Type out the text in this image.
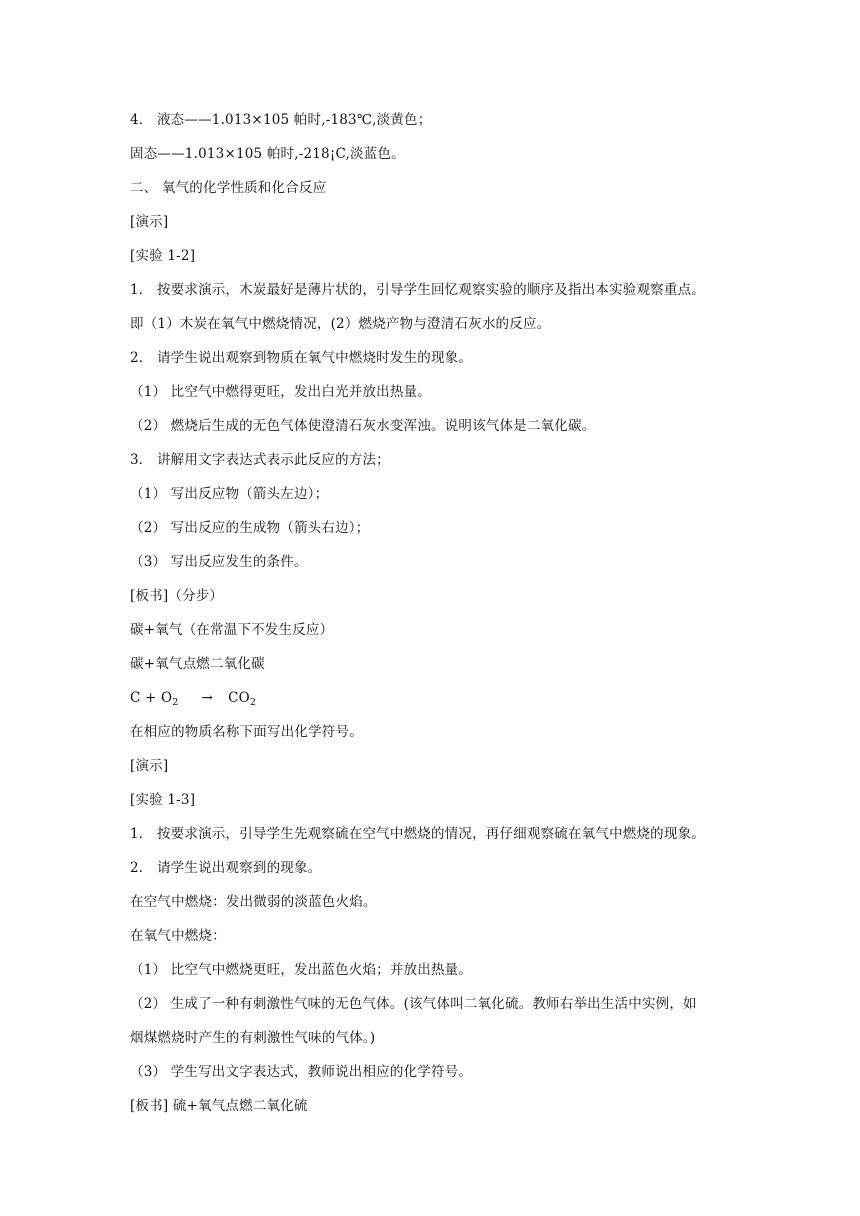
4． 液态——1.013×105 帕时,-183℃,淡黄色；
固态——1.013×105 帕时,-218¡C,淡蓝色。
二、 氧气的化学性质和化合反应
[演示]
[实验 1-2]
1． 按要求演示，木炭最好是薄片状的，引导学生回忆观察实验的顺序及指出本实验观察重点。
即（1）木炭在氧气中燃烧情况，(2）燃烧产物与澄清石灰水的反应。
2． 请学生说出观察到物质在氧气中燃烧时发生的现象。
（1） 比空气中燃得更旺，发出白光并放出热量。
（2） 燃烧后生成的无色气体使澄清石灰水变浑浊。说明该气体是二氧化碳。
3． 讲解用文字表达式表示此反应的方法；
（1） 写出反应物（箭头左边）；
（2） 写出反应的生成物（箭头右边）；
（3） 写出反应发生的条件。
[板书]（分步）
碳+氧气（在常温下不发生反应）
碳+氧气点燃二氧化碳
$C + O_2 \to CO_2$
在相应的物质名称下面写出化学符号。
[演示]
[实验 1-3]
1． 按要求演示，引导学生先观察硫在空气中燃烧的情况，再仔细观察硫在氧气中燃烧的现象。
2． 请学生说出观察到的现象。
在空气中燃烧：发出微弱的淡蓝色火焰。
在氧气中燃烧：
（1） 比空气中燃烧更旺，发出蓝色火焰；并放出热量。
（2） 生成了一种有刺激性气味的无色气体。(该气体叫二氧化硫。教师右举出生活中实例，如
烟煤燃烧时产生的有刺激性气味的气体。)
（3） 学生写出文字表达式，教师说出相应的化学符号。
[板书] 硫+氧气点燃二氧化硫
